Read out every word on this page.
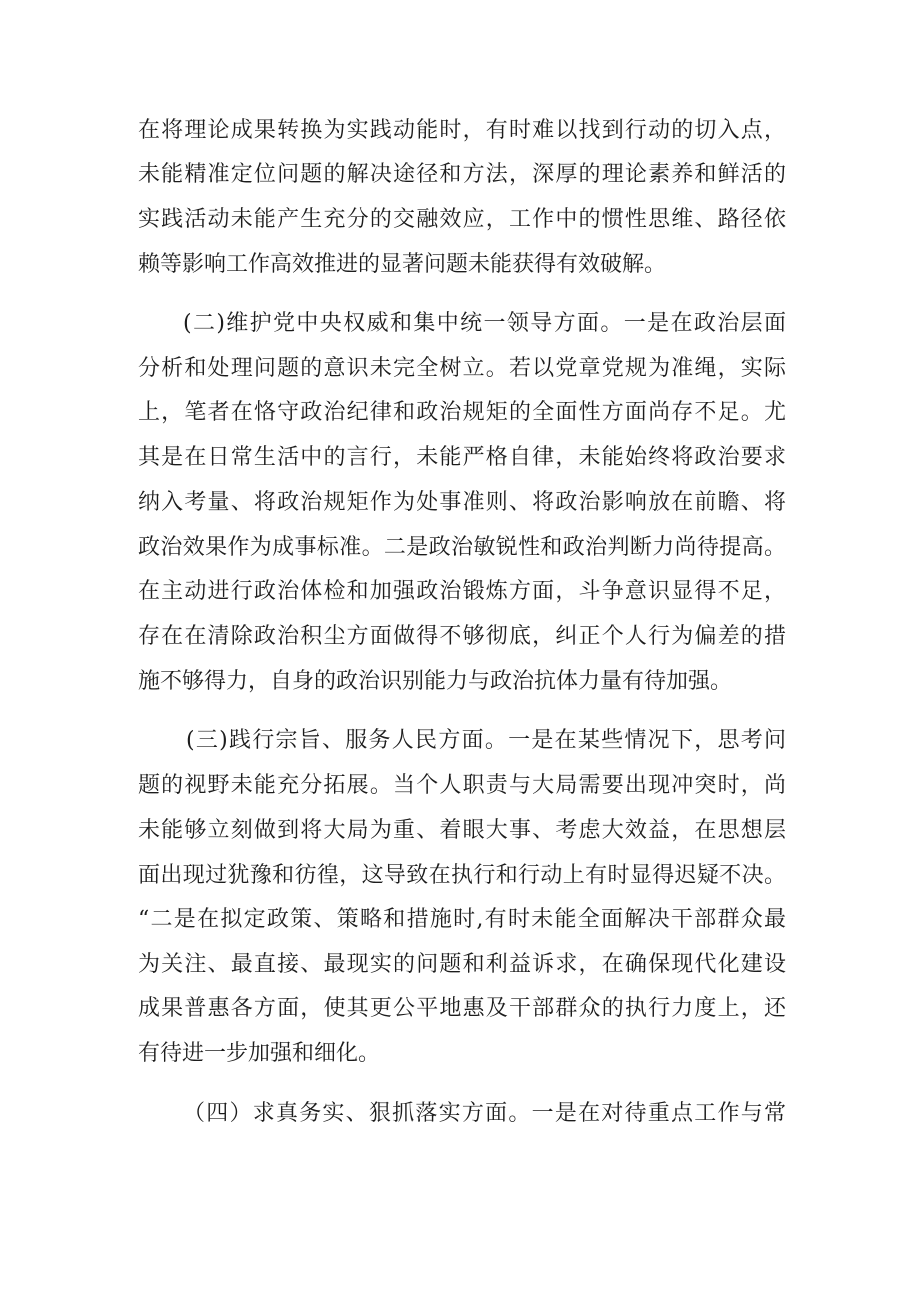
在将理论成果转换为实践动能时，有时难以找到行动的切入点，
未能精准定位问题的解决途径和方法，深厚的理论素养和鲜活的
实践活动未能产生充分的交融效应，工作中的惯性思维、路径依
赖等影响工作高效推进的显著问题未能获得有效破解。
(二)维护党中央权威和集中统一领导方面。一是在政治层面
分析和处理问题的意识未完全树立。若以党章党规为准绳，实际
上，笔者在恪守政治纪律和政治规矩的全面性方面尚存不足。尤
其是在日常生活中的言行，未能严格自律，未能始终将政治要求
纳入考量、将政治规矩作为处事准则、将政治影响放在前瞻、将
政治效果作为成事标准。二是政治敏锐性和政治判断力尚待提高。
在主动进行政治体检和加强政治锻炼方面，斗争意识显得不足，
存在在清除政治积尘方面做得不够彻底，纠正个人行为偏差的措
施不够得力，自身的政治识别能力与政治抗体力量有待加强。
(三)践行宗旨、服务人民方面。一是在某些情况下，思考问
题的视野未能充分拓展。当个人职责与大局需要出现冲突时，尚
未能够立刻做到将大局为重、着眼大事、考虑大效益，在思想层
面出现过犹豫和彷徨，这导致在执行和行动上有时显得迟疑不决。
“二是在拟定政策、策略和措施时,有时未能全面解决干部群众最
为关注、最直接、最现实的问题和利益诉求，在确保现代化建设
成果普惠各方面，使其更公平地惠及干部群众的执行力度上，还
有待进一步加强和细化。
（四）求真务实、狠抓落实方面。一是在对待重点工作与常
